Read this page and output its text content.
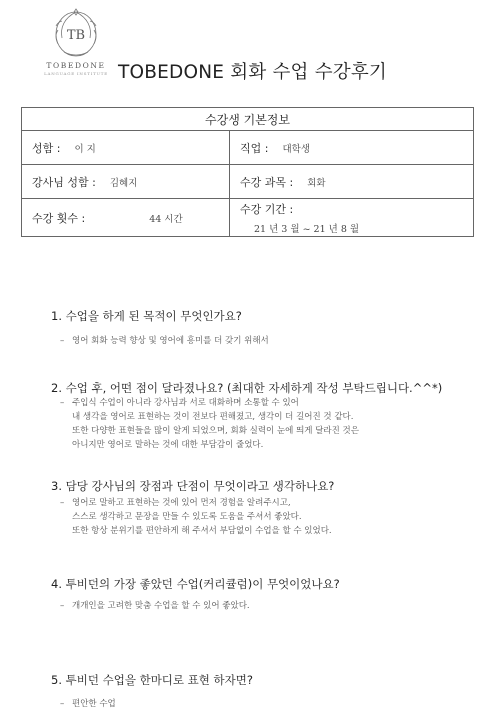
TB
TOBEDONE
LANGUAGE INSTITUTE TOBEDONE 회화 수업 수강후기
수강생 기본정보	
성함 : 이 지	직업 : 대학생
강사님 성함 : 김혜지	수강 과목 : 회화
수강 횟수 : 44 시간	수강 기간 :
21 년 3 월 ~ 21 년 8 월
1. 수업을 하게 된 목적이 무엇인가요?
– 영어 회화 능력 향상 및 영어에 흥미를 더 갖기 위해서
2. 수업 후, 어떤 점이 달라졌나요? (최대한 자세하게 작성 부탁드립니다.^^*)
– 주입식 수업이 아니라 강사님과 서로 대화하며 소통할 수 있어
내 생각을 영어로 표현하는 것이 전보다 편해졌고, 생각이 더 길어진 것 같다.
또한 다양한 표현들을 많이 알게 되었으며, 회화 실력이 눈에 띄게 달라진 것은
아니지만 영어로 말하는 것에 대한 부담감이 줄었다.
3. 담당 강사님의 장점과 단점이 무엇이라고 생각하나요?
– 영어로 말하고 표현하는 것에 있어 먼저 경험을 알려주시고,
스스로 생각하고 문장을 만들 수 있도록 도움을 주셔서 좋았다.
또한 항상 분위기를 편안하게 해 주셔서 부담없이 수업을 할 수 있었다.
4. 투비던의 가장 좋았던 수업(커리큘럼)이 무엇이었나요?
– 개개인을 고려한 맞춤 수업을 할 수 있어 좋았다.
5. 투비던 수업을 한마디로 표현 하자면?
– 편안한 수업
